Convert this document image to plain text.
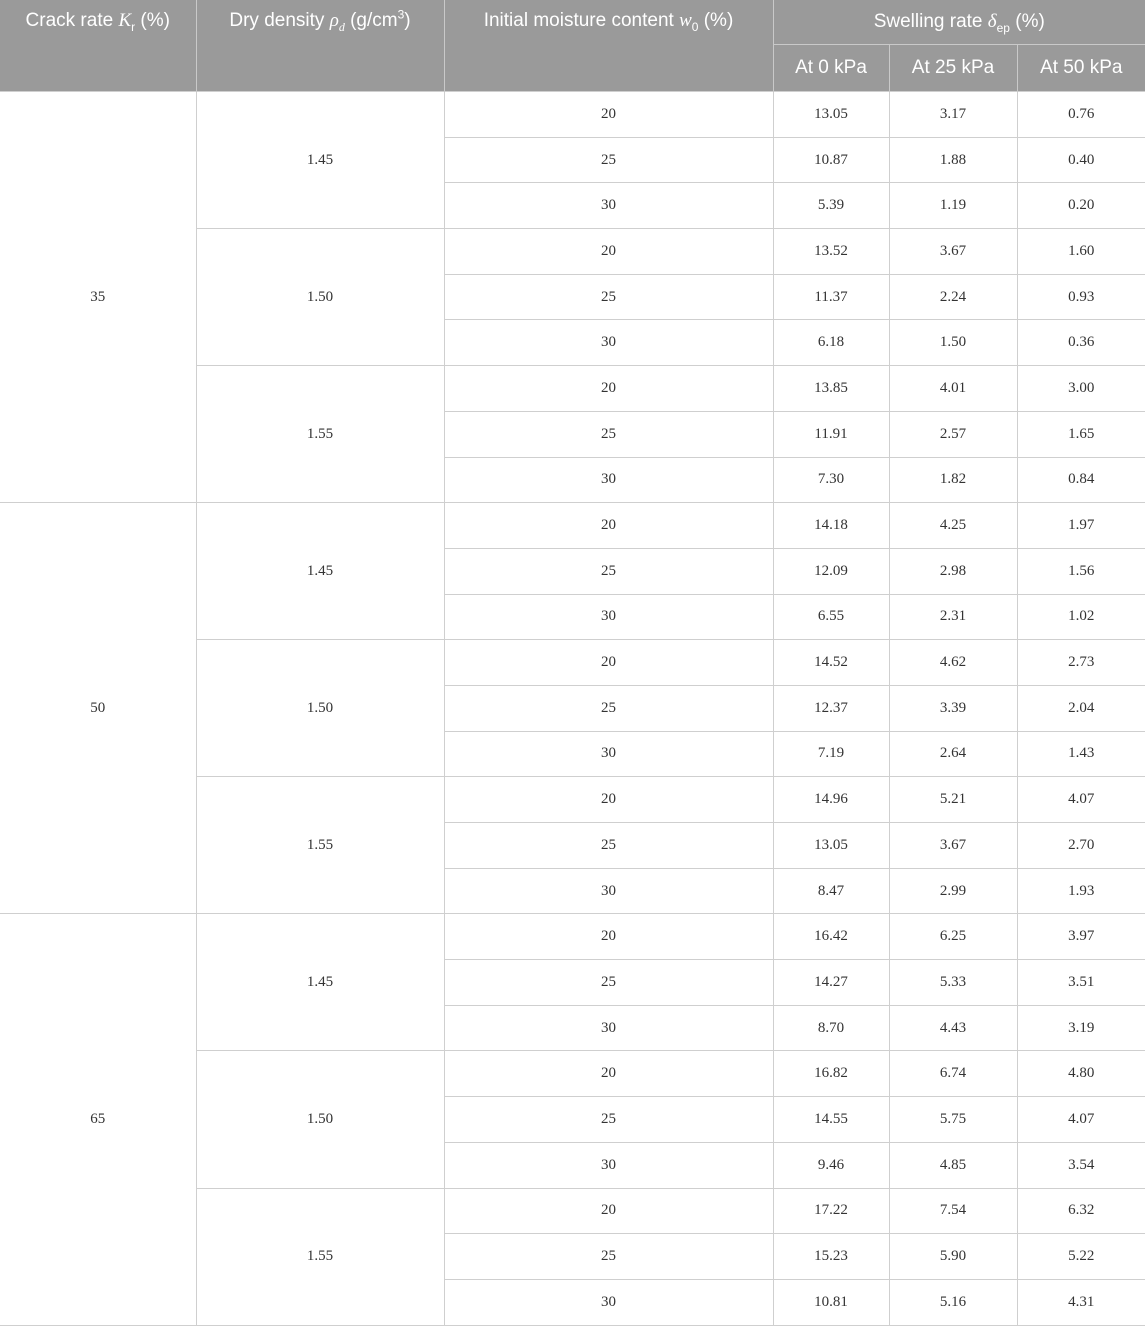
Crack rate $K_r$ (%)	Dry density $\rho_d$ $(g/cm^3)$	Initial moisture content $w_0$ (%)	Swelling rate $\delta_{ep}$ (%)		
			At 0 kPa	At 25 kPa	At 50 kPa
35	1.45	20	13.05	3.17	0.76
		25	10.87	1.88	0.40
		30	5.39	1.19	0.20
	1.50	20	13.52	3.67	1.60
		25	11.37	2.24	0.93
		30	6.18	1.50	0.36
	1.55	20	13.85	4.01	3.00
		25	11.91	2.57	1.65
		30	7.30	1.82	0.84
50	1.45	20	14.18	4.25	1.97
		25	12.09	2.98	1.56
		30	6.55	2.31	1.02
	1.50	20	14.52	4.62	2.73
		25	12.37	3.39	2.04
		30	7.19	2.64	1.43
	1.55	20	14.96	5.21	4.07
		25	13.05	3.67	2.70
		30	8.47	2.99	1.93
65	1.45	20	16.42	6.25	3.97
		25	14.27	5.33	3.51
		30	8.70	4.43	3.19
	1.50	20	16.82	6.74	4.80
		25	14.55	5.75	4.07
		30	9.46	4.85	3.54
	1.55	20	17.22	7.54	6.32
		25	15.23	5.90	5.22
		30	10.81	5.16	4.31
